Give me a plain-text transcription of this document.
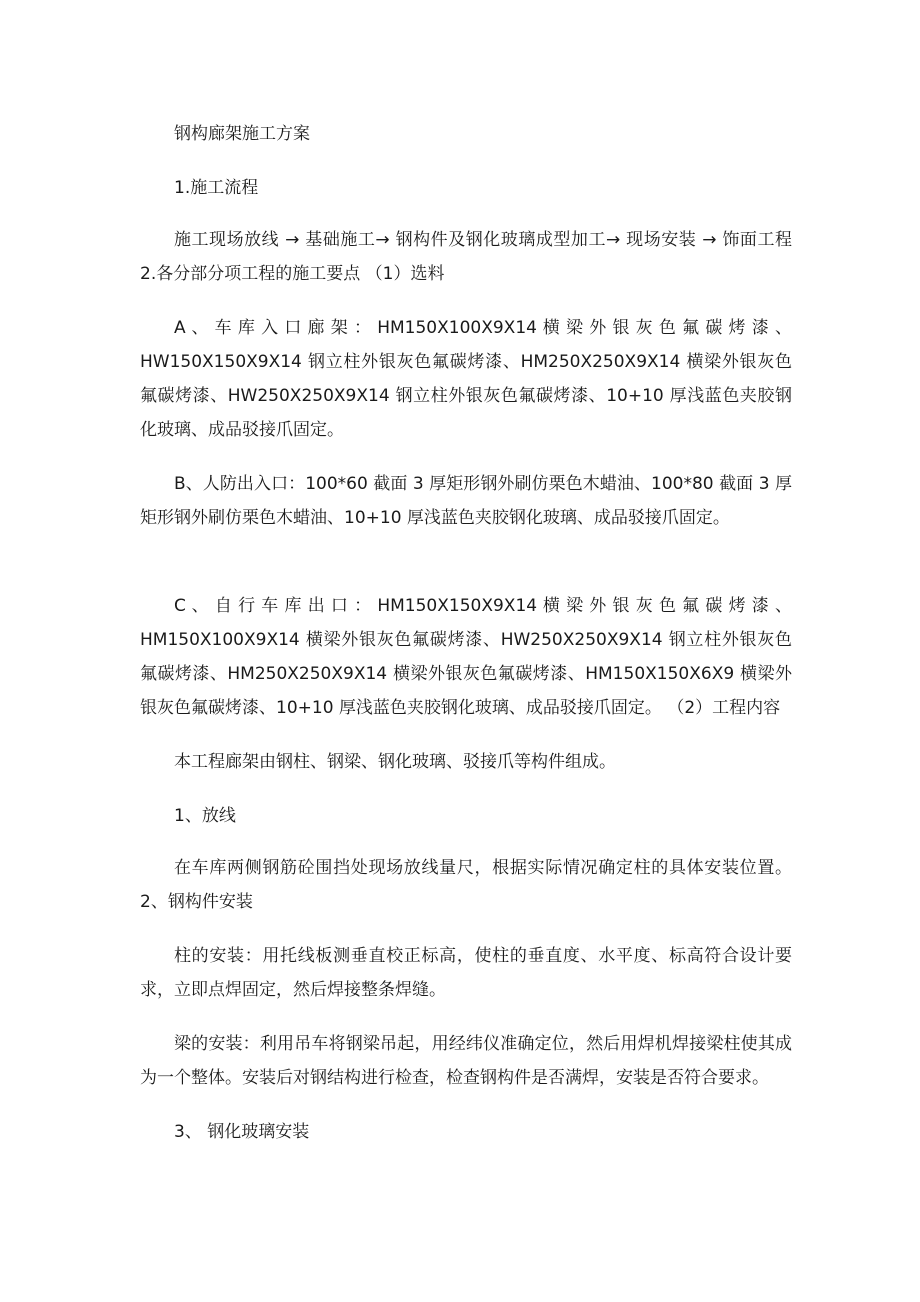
钢构廊架施工方案

1.施工流程

施工现场放线 → 基础施工→ 钢构件及钢化玻璃成型加工→ 现场安装 → 饰面工程 2.各分部分项工程的施工要点 （1）选料

A 、 车 库 入 口 廊 架 ： HM150X100X9X14 横 梁 外 银 灰 色 氟 碳 烤 漆 、 HW150X150X9X14 钢立柱外银灰色氟碳烤漆、HM250X250X9X14 横梁外银灰色氟碳烤漆、HW250X250X9X14 钢立柱外银灰色氟碳烤漆、10+10 厚浅蓝色夹胶钢化玻璃、成品驳接爪固定。

B、人防出入口：100*60 截面 3 厚矩形钢外刷仿栗色木蜡油、100*80 截面 3 厚矩形钢外刷仿栗色木蜡油、10+10 厚浅蓝色夹胶钢化玻璃、成品驳接爪固定。

C 、 自 行 车 库 出 口 ： HM150X150X9X14 横 梁 外 银 灰 色 氟 碳 烤 漆 、 HM150X100X9X14 横梁外银灰色氟碳烤漆、HW250X250X9X14 钢立柱外银灰色氟碳烤漆、HM250X250X9X14 横梁外银灰色氟碳烤漆、HM150X150X6X9 横梁外银灰色氟碳烤漆、10+10 厚浅蓝色夹胶钢化玻璃、成品驳接爪固定。 （2）工程内容

本工程廊架由钢柱、钢梁、钢化玻璃、驳接爪等构件组成。

1、放线

在车库两侧钢筋砼围挡处现场放线量尺，根据实际情况确定柱的具体安装位置。 2、钢构件安装

柱的安装：用托线板测垂直校正标高，使柱的垂直度、水平度、标高符合设计要求，立即点焊固定，然后焊接整条焊缝。

梁的安装：利用吊车将钢梁吊起，用经纬仪准确定位，然后用焊机焊接梁柱使其成为一个整体。安装后对钢结构进行检查，检查钢构件是否满焊，安装是否符合要求。

3、 钢化玻璃安装
